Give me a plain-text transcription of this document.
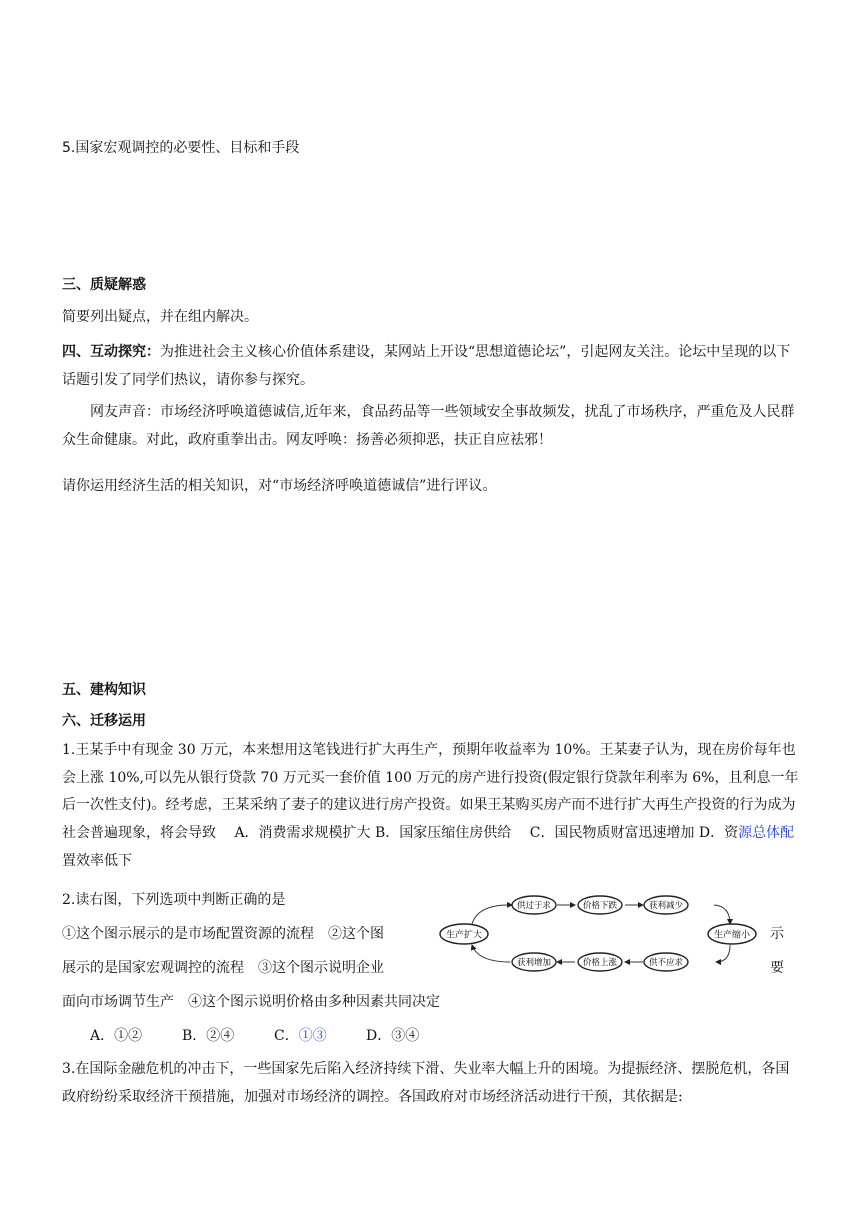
5.国家宏观调控的必要性、目标和手段
三、质疑解惑
简要列出疑点，并在组内解决。
四、互动探究：为推进社会主义核心价值体系建设，某网站上开设“思想道德论坛”，引起网友关注。论坛中呈现的以下话题引发了同学们热议，请你参与探究。
网友声音：市场经济呼唤道德诚信,近年来，食品药品等一些领域安全事故频发，扰乱了市场秩序，严重危及人民群众生命健康。对此，政府重拳出击。网友呼唤：扬善必须抑恶，扶正自应祛邪！
请你运用经济生活的相关知识，对“市场经济呼唤道德诚信”进行评议。
五、建构知识
六、迁移运用
1.王某手中有现金 30 万元，本来想用这笔钱进行扩大再生产，预期年收益率为 10%。王某妻子认为，现在房价每年也会上涨 10%,可以先从银行贷款 70 万元买一套价值 100 万元的房产进行投资(假定银行贷款年利率为 6%，且利息一年后一次性支付)。经考虑，王某采纳了妻子的建议进行房产投资。如果王某购买房产而不进行扩大再生产投资的行为成为社会普遍现象，将会导致 　A．消费需求规模扩大 B．国家压缩住房供给 　C．国民物质财富迅速增加 D．资源总体配置效率低下
2.读右图，下列选项中判断正确的是
①这个图示展示的是市场配置资源的流程　②这个图
展示的是国家宏观调控的流程　③这个图示说明企业
面向市场调节生产　④这个图示说明价格由多种因素共同决定
示
要
A．①②	B．②④	C．①③	D．③④
生产扩大	生产缩小
供过于求	价格下跌	获利减少
获利增加	价格上涨	供不应求
3.在国际金融危机的冲击下，一些国家先后陷入经济持续下滑、失业率大幅上升的困境。为提振经济、摆脱危机，各国政府纷纷采取经济干预措施，加强对市场经济的调控。各国政府对市场经济活动进行干预，其依据是:
